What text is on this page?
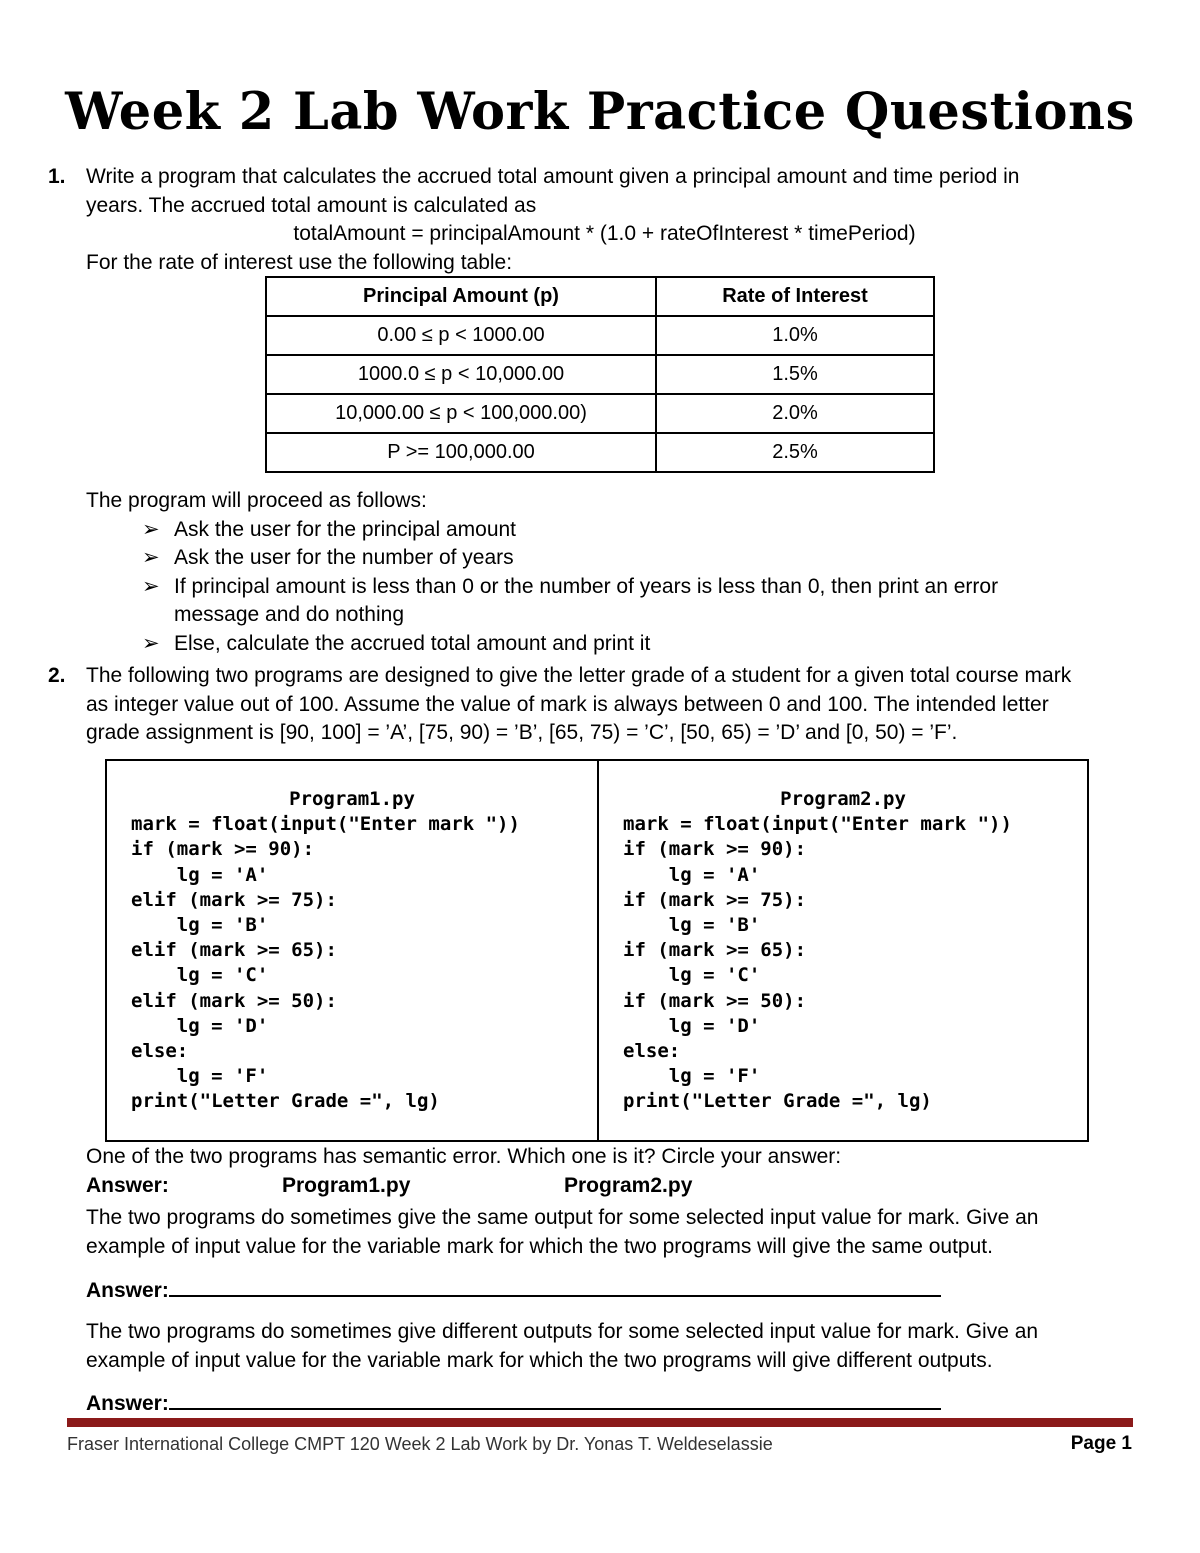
Week 2 Lab Work Practice Questions
1. Write a program that calculates the accrued total amount given a principal amount and time period in
years. The accrued total amount is calculated as
totalAmount = principalAmount * (1.0 + rateOfInterest * timePeriod)
For the rate of interest use the following table:
Principal Amount (p)	Rate of Interest
0.00 ≤ p < 1000.00	1.0%
1000.0 ≤ p < 10,000.00	1.5%
10,000.00 ≤ p < 100,000.00)	2.0%
P >= 100,000.00	2.5%
The program will proceed as follows:
➢ Ask the user for the principal amount
➢ Ask the user for the number of years
➢ If principal amount is less than 0 or the number of years is less than 0, then print an error
message and do nothing
➢ Else, calculate the accrued total amount and print it
2. The following two programs are designed to give the letter grade of a student for a given total course mark
as integer value out of 100. Assume the value of mark is always between 0 and 100. The intended letter
grade assignment is [90, 100] = ’A’, [75, 90) = ’B’, [65, 75) = ’C’, [50, 65) = ’D’ and [0, 50) = ’F’.
Program1.py
mark = float(input("Enter mark "))
if (mark >= 90):
lg = 'A'
elif (mark >= 75):
lg = 'B'
elif (mark >= 65):
lg = 'C'
elif (mark >= 50):
lg = 'D'
else:
lg = 'F'
print("Letter Grade =", lg)
Program2.py
mark = float(input("Enter mark "))
if (mark >= 90):
lg = 'A'
if (mark >= 75):
lg = 'B'
if (mark >= 65):
lg = 'C'
if (mark >= 50):
lg = 'D'
else:
lg = 'F'
print("Letter Grade =", lg)
One of the two programs has semantic error. Which one is it? Circle your answer:
Answer:	Program1.py	Program2.py
The two programs do sometimes give the same output for some selected input value for mark. Give an
example of input value for the variable mark for which the two programs will give the same output.
Answer:
The two programs do sometimes give different outputs for some selected input value for mark. Give an
example of input value for the variable mark for which the two programs will give different outputs.
Answer:
Fraser International College CMPT 120 Week 2 Lab Work by Dr. Yonas T. Weldeselassie	Page 1
